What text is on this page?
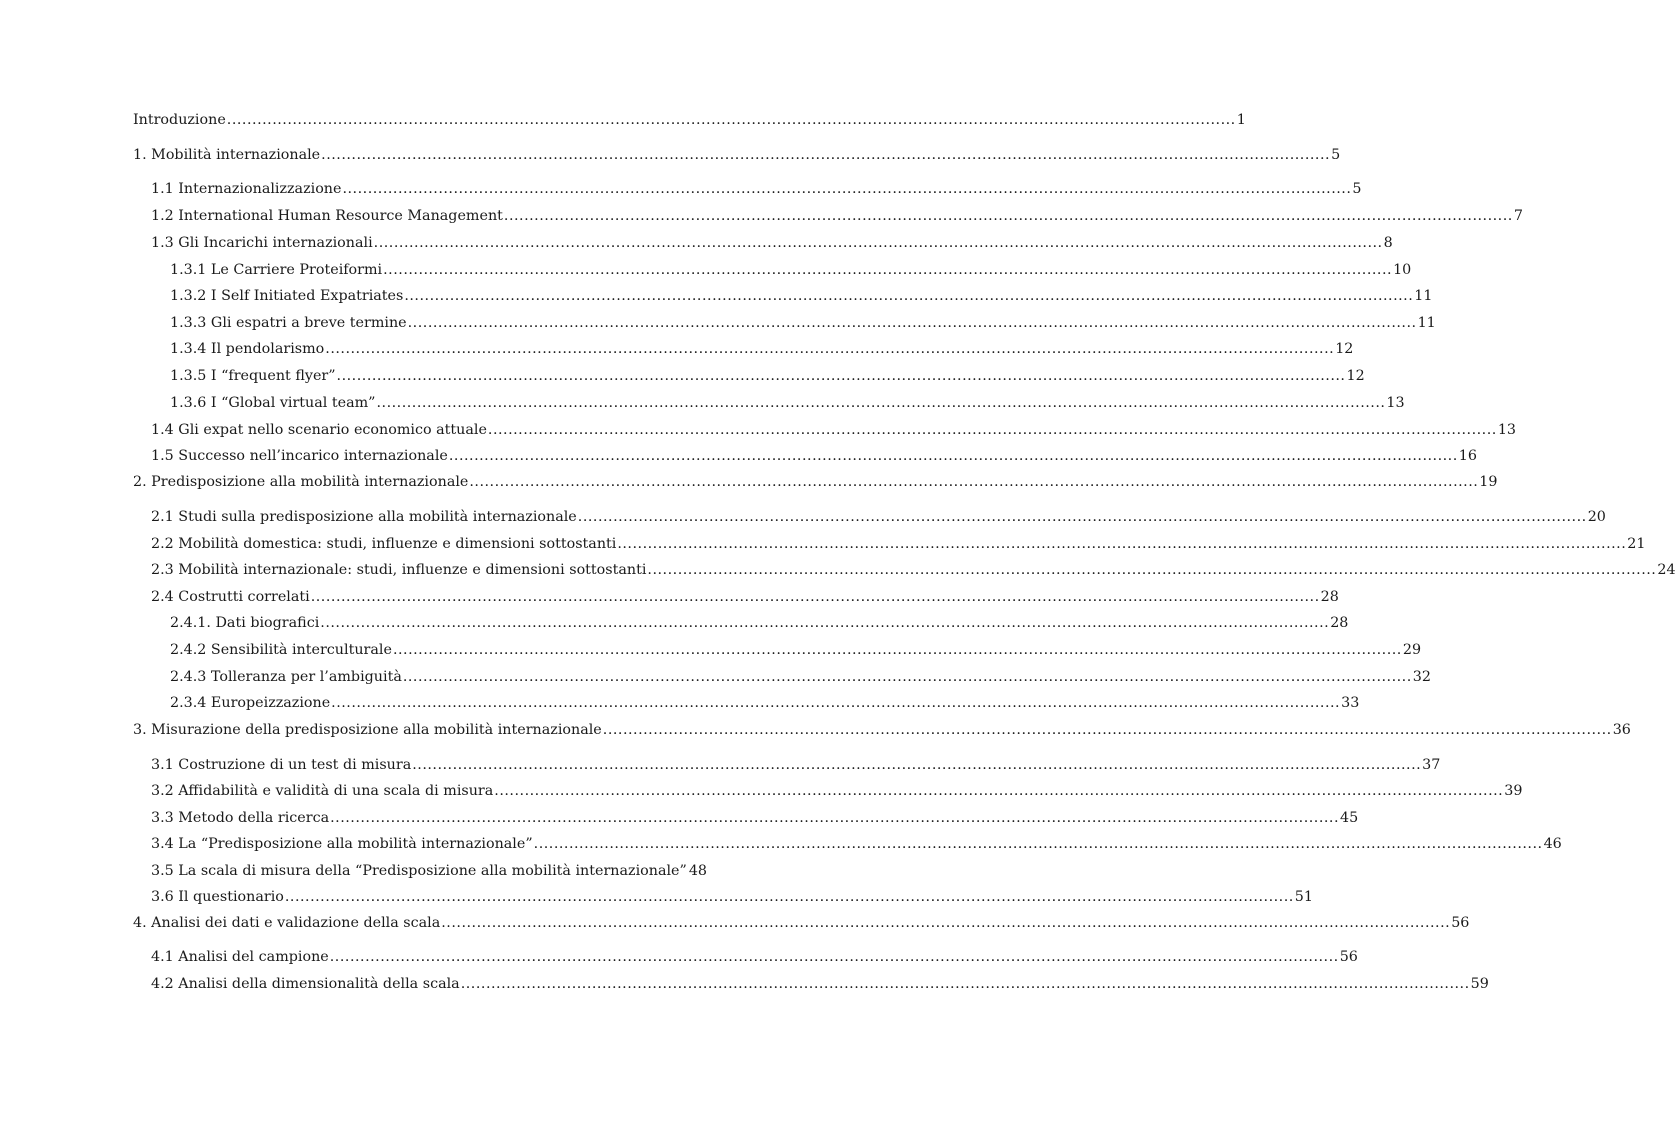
Introduzione ........................................................................................................................................................................................................ 1
1. Mobilità internazionale ........................................................................................................................................................................................................ 5
1.1 Internazionalizzazione ........................................................................................................................................................................................................ 5
1.2 International Human Resource Management ........................................................................................................................................................................................................ 7
1.3 Gli Incarichi internazionali ........................................................................................................................................................................................................ 8
1.3.1 Le Carriere Proteiformi ........................................................................................................................................................................................................ 10
1.3.2 I Self Initiated Expatriates ........................................................................................................................................................................................................ 11
1.3.3 Gli espatri a breve termine ........................................................................................................................................................................................................ 11
1.3.4 Il pendolarismo ........................................................................................................................................................................................................ 12
1.3.5 I “frequent flyer” ........................................................................................................................................................................................................ 12
1.3.6 I “Global virtual team” ........................................................................................................................................................................................................ 13
1.4 Gli expat nello scenario economico attuale ........................................................................................................................................................................................................ 13
1.5 Successo nell’incarico internazionale ........................................................................................................................................................................................................ 16
2. Predisposizione alla mobilità internazionale ........................................................................................................................................................................................................ 19
2.1 Studi sulla predisposizione alla mobilità internazionale ........................................................................................................................................................................................................ 20
2.2 Mobilità domestica: studi, influenze e dimensioni sottostanti ........................................................................................................................................................................................................ 21
2.3 Mobilità internazionale: studi, influenze e dimensioni sottostanti ........................................................................................................................................................................................................ 24
2.4 Costrutti correlati ........................................................................................................................................................................................................ 28
2.4.1. Dati biografici ........................................................................................................................................................................................................ 28
2.4.2 Sensibilità interculturale ........................................................................................................................................................................................................ 29
2.4.3 Tolleranza per l’ambiguità ........................................................................................................................................................................................................ 32
2.3.4 Europeizzazione ........................................................................................................................................................................................................ 33
3. Misurazione della predisposizione alla mobilità internazionale ........................................................................................................................................................................................................ 36
3.1 Costruzione di un test di misura ........................................................................................................................................................................................................ 37
3.2 Affidabilità e validità di una scala di misura ........................................................................................................................................................................................................ 39
3.3 Metodo della ricerca ........................................................................................................................................................................................................ 45
3.4 La “Predisposizione alla mobilità internazionale” ........................................................................................................................................................................................................ 46
3.5 La scala di misura della “Predisposizione alla mobilità internazionale” 48
3.6 Il questionario ........................................................................................................................................................................................................ 51
4. Analisi dei dati e validazione della scala ........................................................................................................................................................................................................ 56
4.1 Analisi del campione ........................................................................................................................................................................................................ 56
4.2 Analisi della dimensionalità della scala ........................................................................................................................................................................................................ 59
